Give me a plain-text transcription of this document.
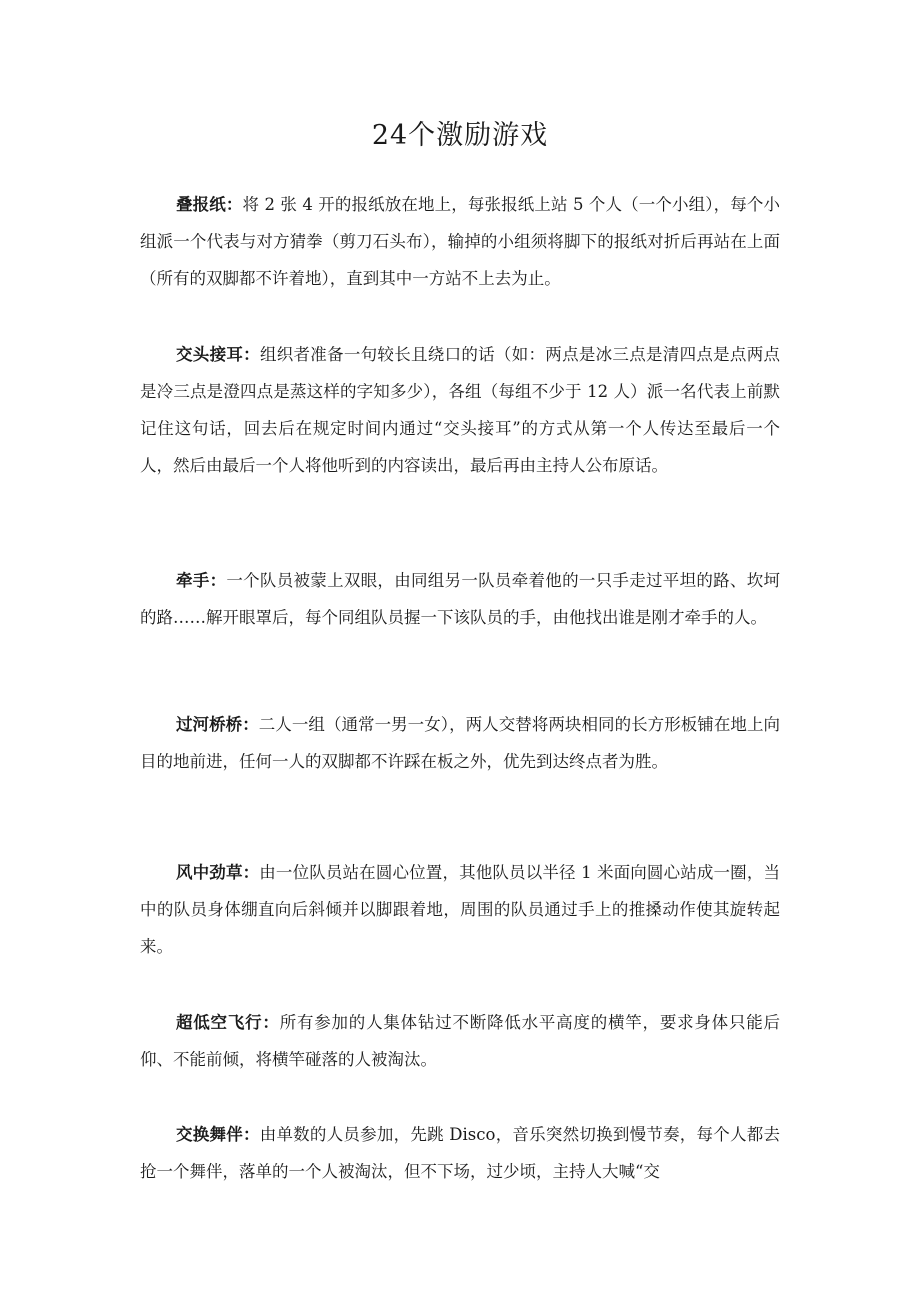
24个激励游戏

叠报纸：将 2 张 4 开的报纸放在地上，每张报纸上站 5 个人（一个小组），每个小组派一个代表与对方猜拳（剪刀石头布），输掉的小组须将脚下的报纸对折后再站在上面（所有的双脚都不许着地），直到其中一方站不上去为止。

交头接耳：组织者准备一句较长且绕口的话（如：两点是冰三点是清四点是点两点是冷三点是澄四点是蒸这样的字知多少），各组（每组不少于 12 人）派一名代表上前默记住这句话，回去后在规定时间内通过“交头接耳”的方式从第一个人传达至最后一个人，然后由最后一个人将他听到的内容读出，最后再由主持人公布原话。

牵手：一个队员被蒙上双眼，由同组另一队员牵着他的一只手走过平坦的路、坎坷的路……解开眼罩后，每个同组队员握一下该队员的手，由他找出谁是刚才牵手的人。

过河桥桥：二人一组（通常一男一女），两人交替将两块相同的长方形板铺在地上向目的地前进，任何一人的双脚都不许踩在板之外，优先到达终点者为胜。

风中劲草：由一位队员站在圆心位置，其他队员以半径 1 米面向圆心站成一圈，当中的队员身体绷直向后斜倾并以脚跟着地，周围的队员通过手上的推搡动作使其旋转起来。

超低空飞行：所有参加的人集体钻过不断降低水平高度的横竿，要求身体只能后仰、不能前倾，将横竿碰落的人被淘汰。

交换舞伴：由单数的人员参加，先跳 Disco，音乐突然切换到慢节奏，每个人都去抢一个舞伴，落单的一个人被淘汰，但不下场，过少顷，主持人大喊“交
